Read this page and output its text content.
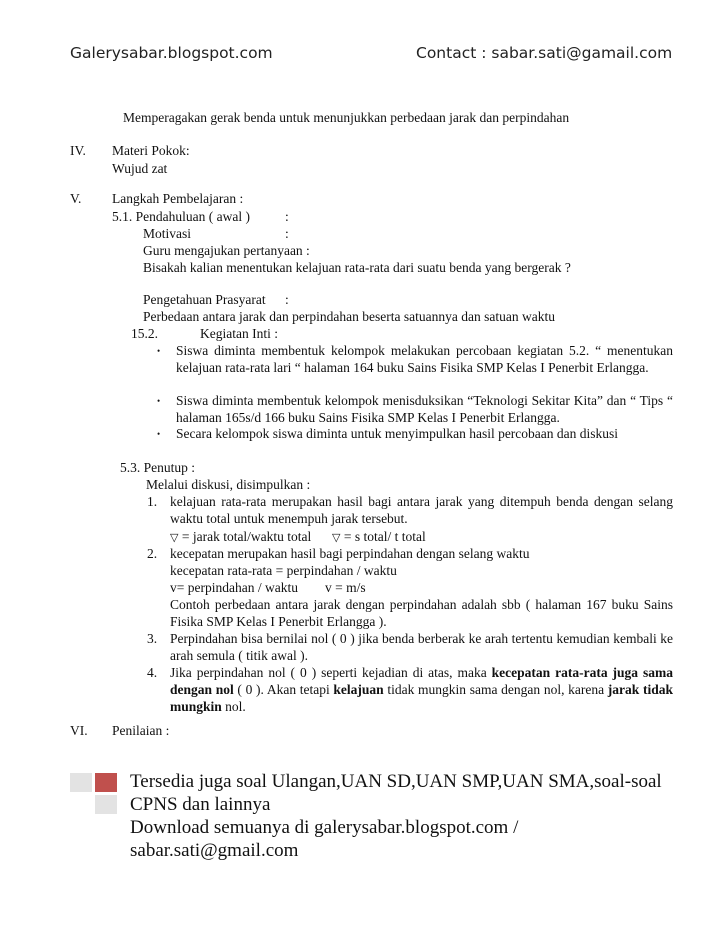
Galerysabar.blogspot.com	Contact : sabar.sati@gamail.com
Memperagakan gerak benda untuk menunjukkan perbedaan jarak dan perpindahan
IV. Materi Pokok:
Wujud zat
V. Langkah Pembelajaran :
5.1. Pendahuluan ( awal )	:
Motivasi	:
Guru mengajukan pertanyaan :
Bisakah kalian menentukan kelajuan rata-rata dari suatu benda yang bergerak ?
Pengetahuan Prasyarat :
Perbedaan antara jarak dan perpindahan beserta satuannya dan satuan waktu
15.2.	Kegiatan Inti :
• Siswa diminta membentuk kelompok melakukan percobaan kegiatan 5.2. “ menentukan kelajuan rata-rata lari “ halaman 164 buku Sains Fisika SMP Kelas I Penerbit Erlangga.
• Siswa diminta membentuk kelompok menisduksikan “Teknologi Sekitar Kita” dan “ Tips “ halaman 165s/d 166 buku Sains Fisika SMP Kelas I Penerbit Erlangga.
• Secara kelompok siswa diminta untuk menyimpulkan hasil percobaan dan diskusi
5.3. Penutup :
Melalui diskusi, disimpulkan :
1. kelajuan rata-rata merupakan hasil bagi antara jarak yang ditempuh benda dengan selang waktu total untuk menempuh jarak tersebut.
▽ = jarak total/waktu total ▽ = s total/ t total
2. kecepatan merupakan hasil bagi perpindahan dengan selang waktu
kecepatan rata-rata = perpindahan / waktu
v= perpindahan / waktu        v = m/s
Contoh perbedaan antara jarak dengan perpindahan adalah sbb ( halaman 167 buku Sains Fisika SMP Kelas I Penerbit Erlangga ).
3. Perpindahan bisa bernilai nol ( 0 ) jika benda berberak ke arah tertentu kemudian kembali ke arah semula ( titik awal ).
4. Jika perpindahan nol ( 0 ) seperti kejadian di atas, maka kecepatan rata-rata juga sama dengan nol ( 0 ). Akan tetapi kelajuan tidak mungkin sama dengan nol, karena jarak tidak mungkin nol.
VI. Penilaian :
Tersedia juga soal Ulangan,UAN SD,UAN SMP,UAN SMA,soal-soal
CPNS dan lainnya
Download semuanya di galerysabar.blogspot.com /
sabar.sati@gmail.com
